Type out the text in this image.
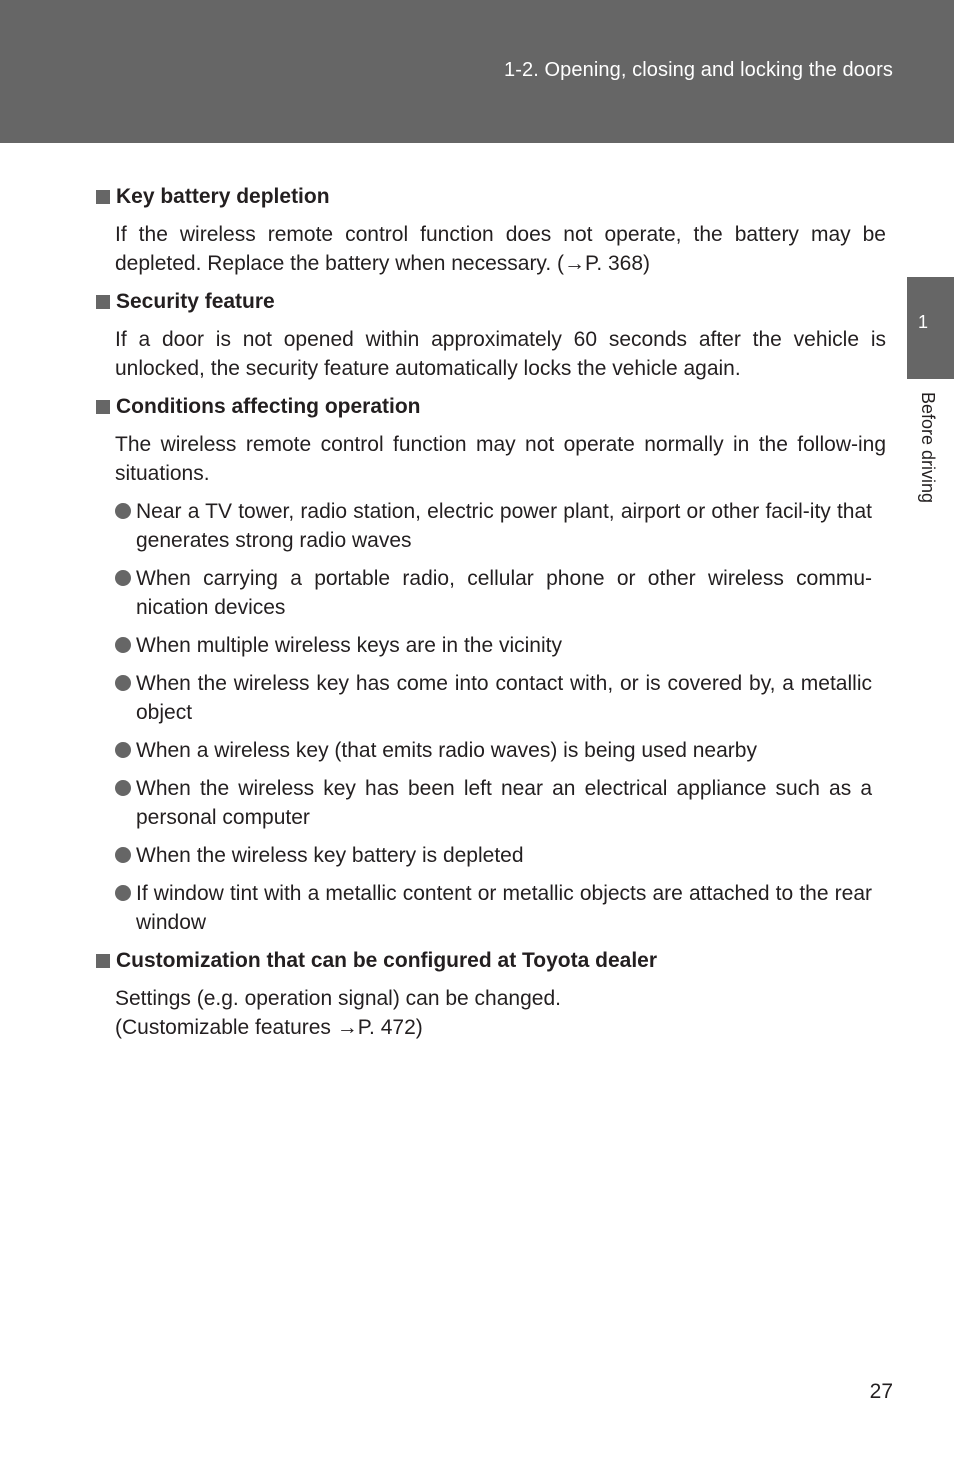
1-2. Opening, closing and locking the doors
1
Before driving
Key battery depletion
If the wireless remote control function does not operate, the battery may be depleted. Replace the battery when necessary. (→P. 368)
Security feature
If a door is not opened within approximately 60 seconds after the vehicle is unlocked, the security feature automatically locks the vehicle again.
Conditions affecting operation
The wireless remote control function may not operate normally in the follow-ing situations.
Near a TV tower, radio station, electric power plant, airport or other facil-ity that generates strong radio waves
When carrying a portable radio, cellular phone or other wireless commu-nication devices
When multiple wireless keys are in the vicinity
When the wireless key has come into contact with, or is covered by, a metallic object
When a wireless key (that emits radio waves) is being used nearby
When the wireless key has been left near an electrical appliance such as a personal computer
When the wireless key battery is depleted
If window tint with a metallic content or metallic objects are attached to the rear window
Customization that can be configured at Toyota dealer
Settings (e.g. operation signal) can be changed.
(Customizable features →P. 472)
27
